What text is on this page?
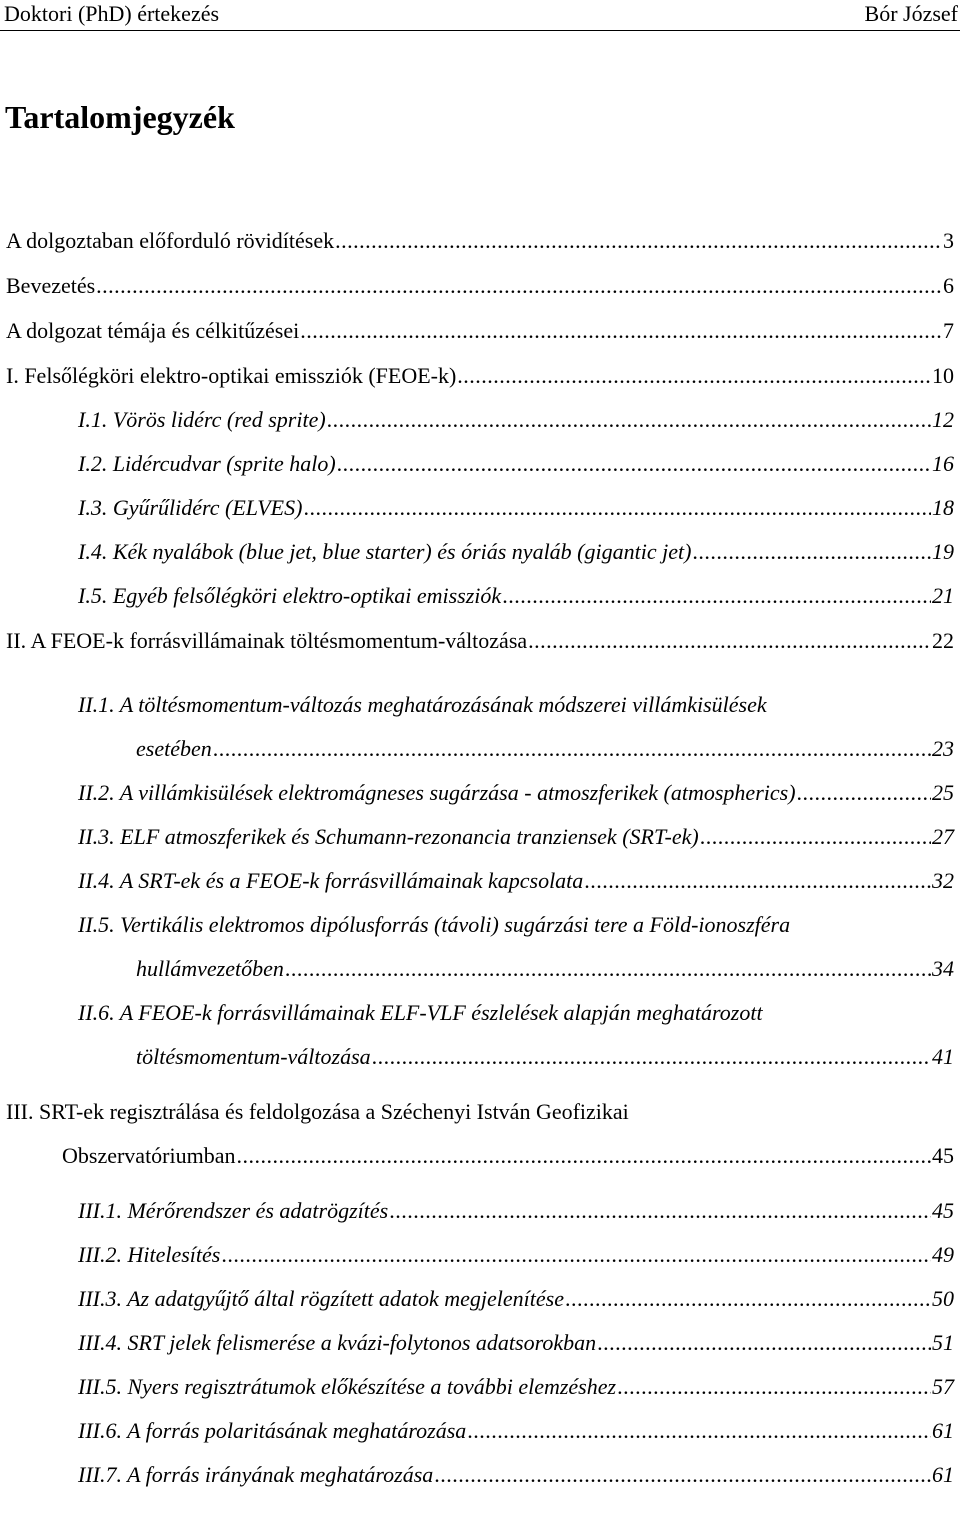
Doktori (PhD) értekezés	Bór József
Tartalomjegyzék
A dolgoztaban előforduló rövidítések .....	3
Bevezetés .....	6
A dolgozat témája és célkitűzései .....	7
I. Felsőlégköri elektro-optikai emissziók (FEOE-k) .....	10
I.1. Vörös lidérc (red sprite) .....	12
I.2. Lidércudvar (sprite halo) .....	16
I.3. Gyűrűlidérc (ELVES) .....	18
I.4. Kék nyalábok (blue jet, blue starter) és óriás nyaláb (gigantic jet) .....	19
I.5. Egyéb felsőlégköri elektro-optikai emissziók .....	21
II. A FEOE-k forrásvillámainak töltésmomentum-változása .....	22
II.1. A töltésmomentum-változás meghatározásának módszerei villámkisülések
esetében .....	23
II.2. A villámkisülések elektromágneses sugárzása - atmoszferikek (atmospherics) .....	25
II.3. ELF atmoszferikek és Schumann-rezonancia tranziensek (SRT-ek) .....	27
II.4. A SRT-ek és a FEOE-k forrásvillámainak kapcsolata .....	32
II.5. Vertikális elektromos dipólusforrás (távoli) sugárzási tere a Föld-ionoszféra
hullámvezetőben .....	34
II.6. A FEOE-k forrásvillámainak ELF-VLF észlelések alapján meghatározott
töltésmomentum-változása .....	41
III. SRT-ek regisztrálása és feldolgozása a Széchenyi István Geofizikai
Obszervatóriumban .....	45
III.1. Mérőrendszer és adatrögzítés .....	45
III.2. Hitelesítés .....	49
III.3. Az adatgyűjtő által rögzített adatok megjelenítése .....	50
III.4. SRT jelek felismerése a kvázi-folytonos adatsorokban .....	51
III.5. Nyers regisztrátumok előkészítése a további elemzéshez .....	57
III.6. A forrás polaritásának meghatározása .....	61
III.7. A forrás irányának meghatározása .....	61
